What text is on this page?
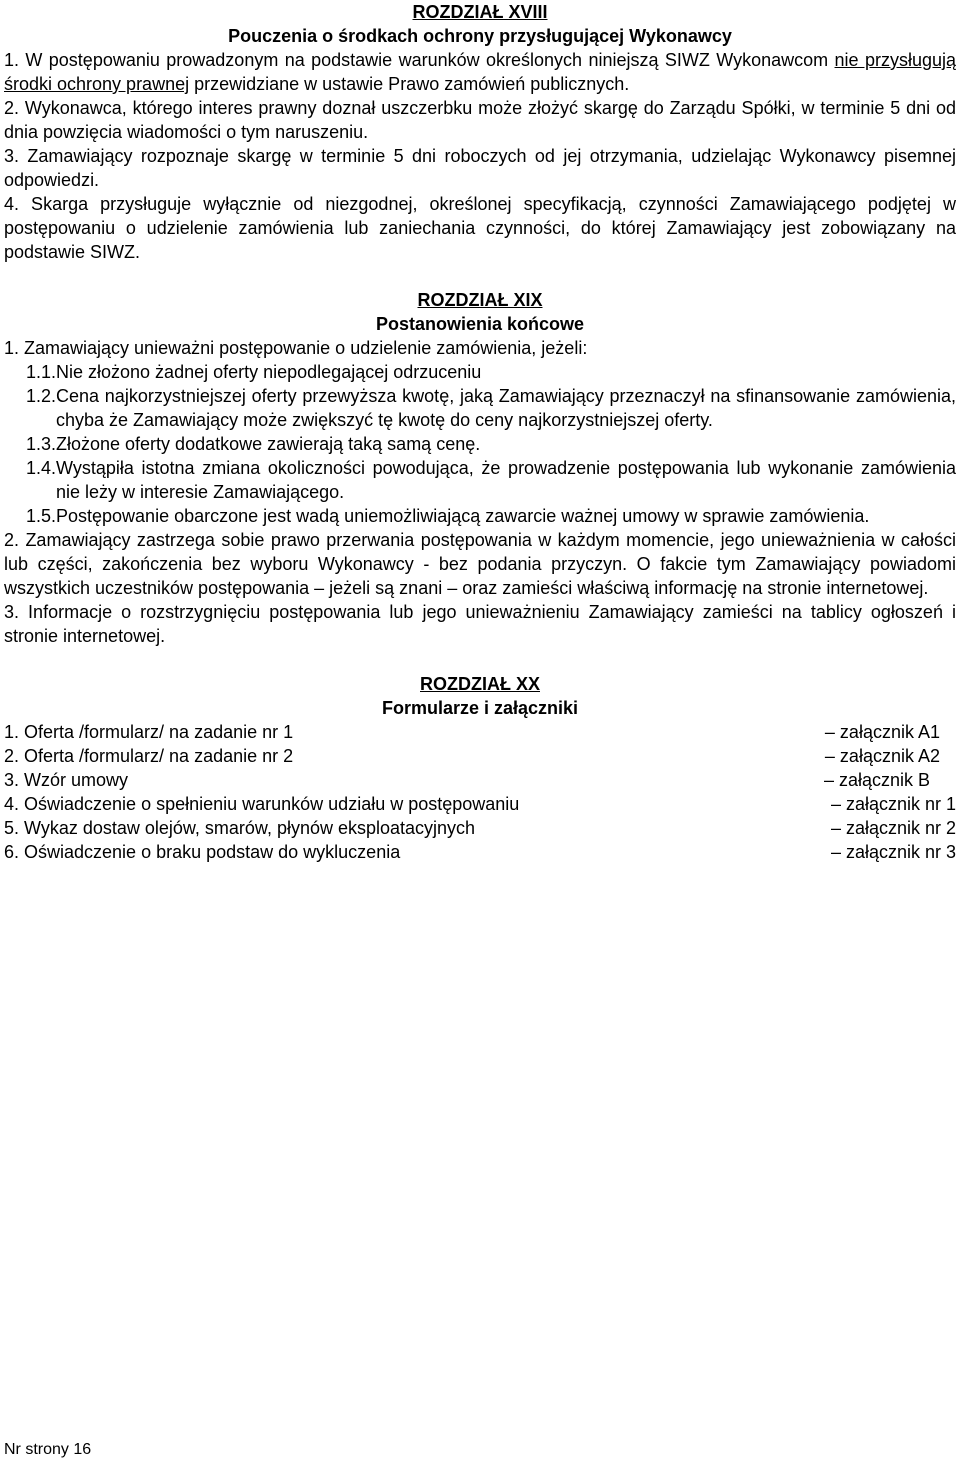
ROZDZIAŁ XVIII
Pouczenia o środkach ochrony przysługującej Wykonawcy

1. W postępowaniu prowadzonym na podstawie warunków określonych niniejszą SIWZ Wykonawcom nie przysługują środki ochrony prawnej przewidziane w ustawie Prawo zamówień publicznych.

2. Wykonawca, którego interes prawny doznał uszczerbku może złożyć skargę do Zarządu Spółki, w terminie 5 dni od dnia powzięcia wiadomości o tym naruszeniu.

3. Zamawiający rozpoznaje skargę w terminie 5 dni roboczych od jej otrzymania, udzielając Wykonawcy pisemnej odpowiedzi.

4. Skarga przysługuje wyłącznie od niezgodnej, określonej specyfikacją, czynności Zamawiającego podjętej w postępowaniu o udzielenie zamówienia lub zaniechania czynności, do której Zamawiający jest zobowiązany na podstawie SIWZ.

ROZDZIAŁ XIX
Postanowienia końcowe

1. Zamawiający unieważni postępowanie o udzielenie zamówienia, jeżeli:

1.1. Nie złożono żadnej oferty niepodlegającej odrzuceniu
1.2. Cena najkorzystniejszej oferty przewyższa kwotę, jaką Zamawiający przeznaczył na sfinansowanie zamówienia, chyba że Zamawiający może zwiększyć tę kwotę do ceny najkorzystniejszej oferty.
1.3. Złożone oferty dodatkowe zawierają taką samą cenę.
1.4. Wystąpiła istotna zmiana okoliczności powodująca, że prowadzenie postępowania lub wykonanie zamówienia nie leży w interesie Zamawiającego.
1.5. Postępowanie obarczone jest wadą uniemożliwiającą zawarcie ważnej umowy w sprawie zamówienia.

2. Zamawiający zastrzega sobie prawo przerwania postępowania w każdym momencie, jego unieważnienia w całości lub części, zakończenia bez wyboru Wykonawcy - bez podania przyczyn. O fakcie tym Zamawiający powiadomi wszystkich uczestników postępowania – jeżeli są znani – oraz zamieści właściwą informację na stronie internetowej.

3. Informacje o rozstrzygnięciu postępowania lub jego unieważnieniu Zamawiający zamieści na tablicy ogłoszeń i stronie internetowej.

ROZDZIAŁ XX
Formularze i załączniki
1. Oferta /formularz/ na zadanie nr 1	– załącznik A1
2. Oferta /formularz/ na zadanie nr 2	– załącznik A2
3. Wzór umowy	– załącznik B
4. Oświadczenie o spełnieniu warunków udziału w postępowaniu	– załącznik nr 1
5. Wykaz dostaw olejów, smarów, płynów eksploatacyjnych	– załącznik nr 2
6. Oświadczenie o braku podstaw do wykluczenia	– załącznik nr 3
Nr strony 16
